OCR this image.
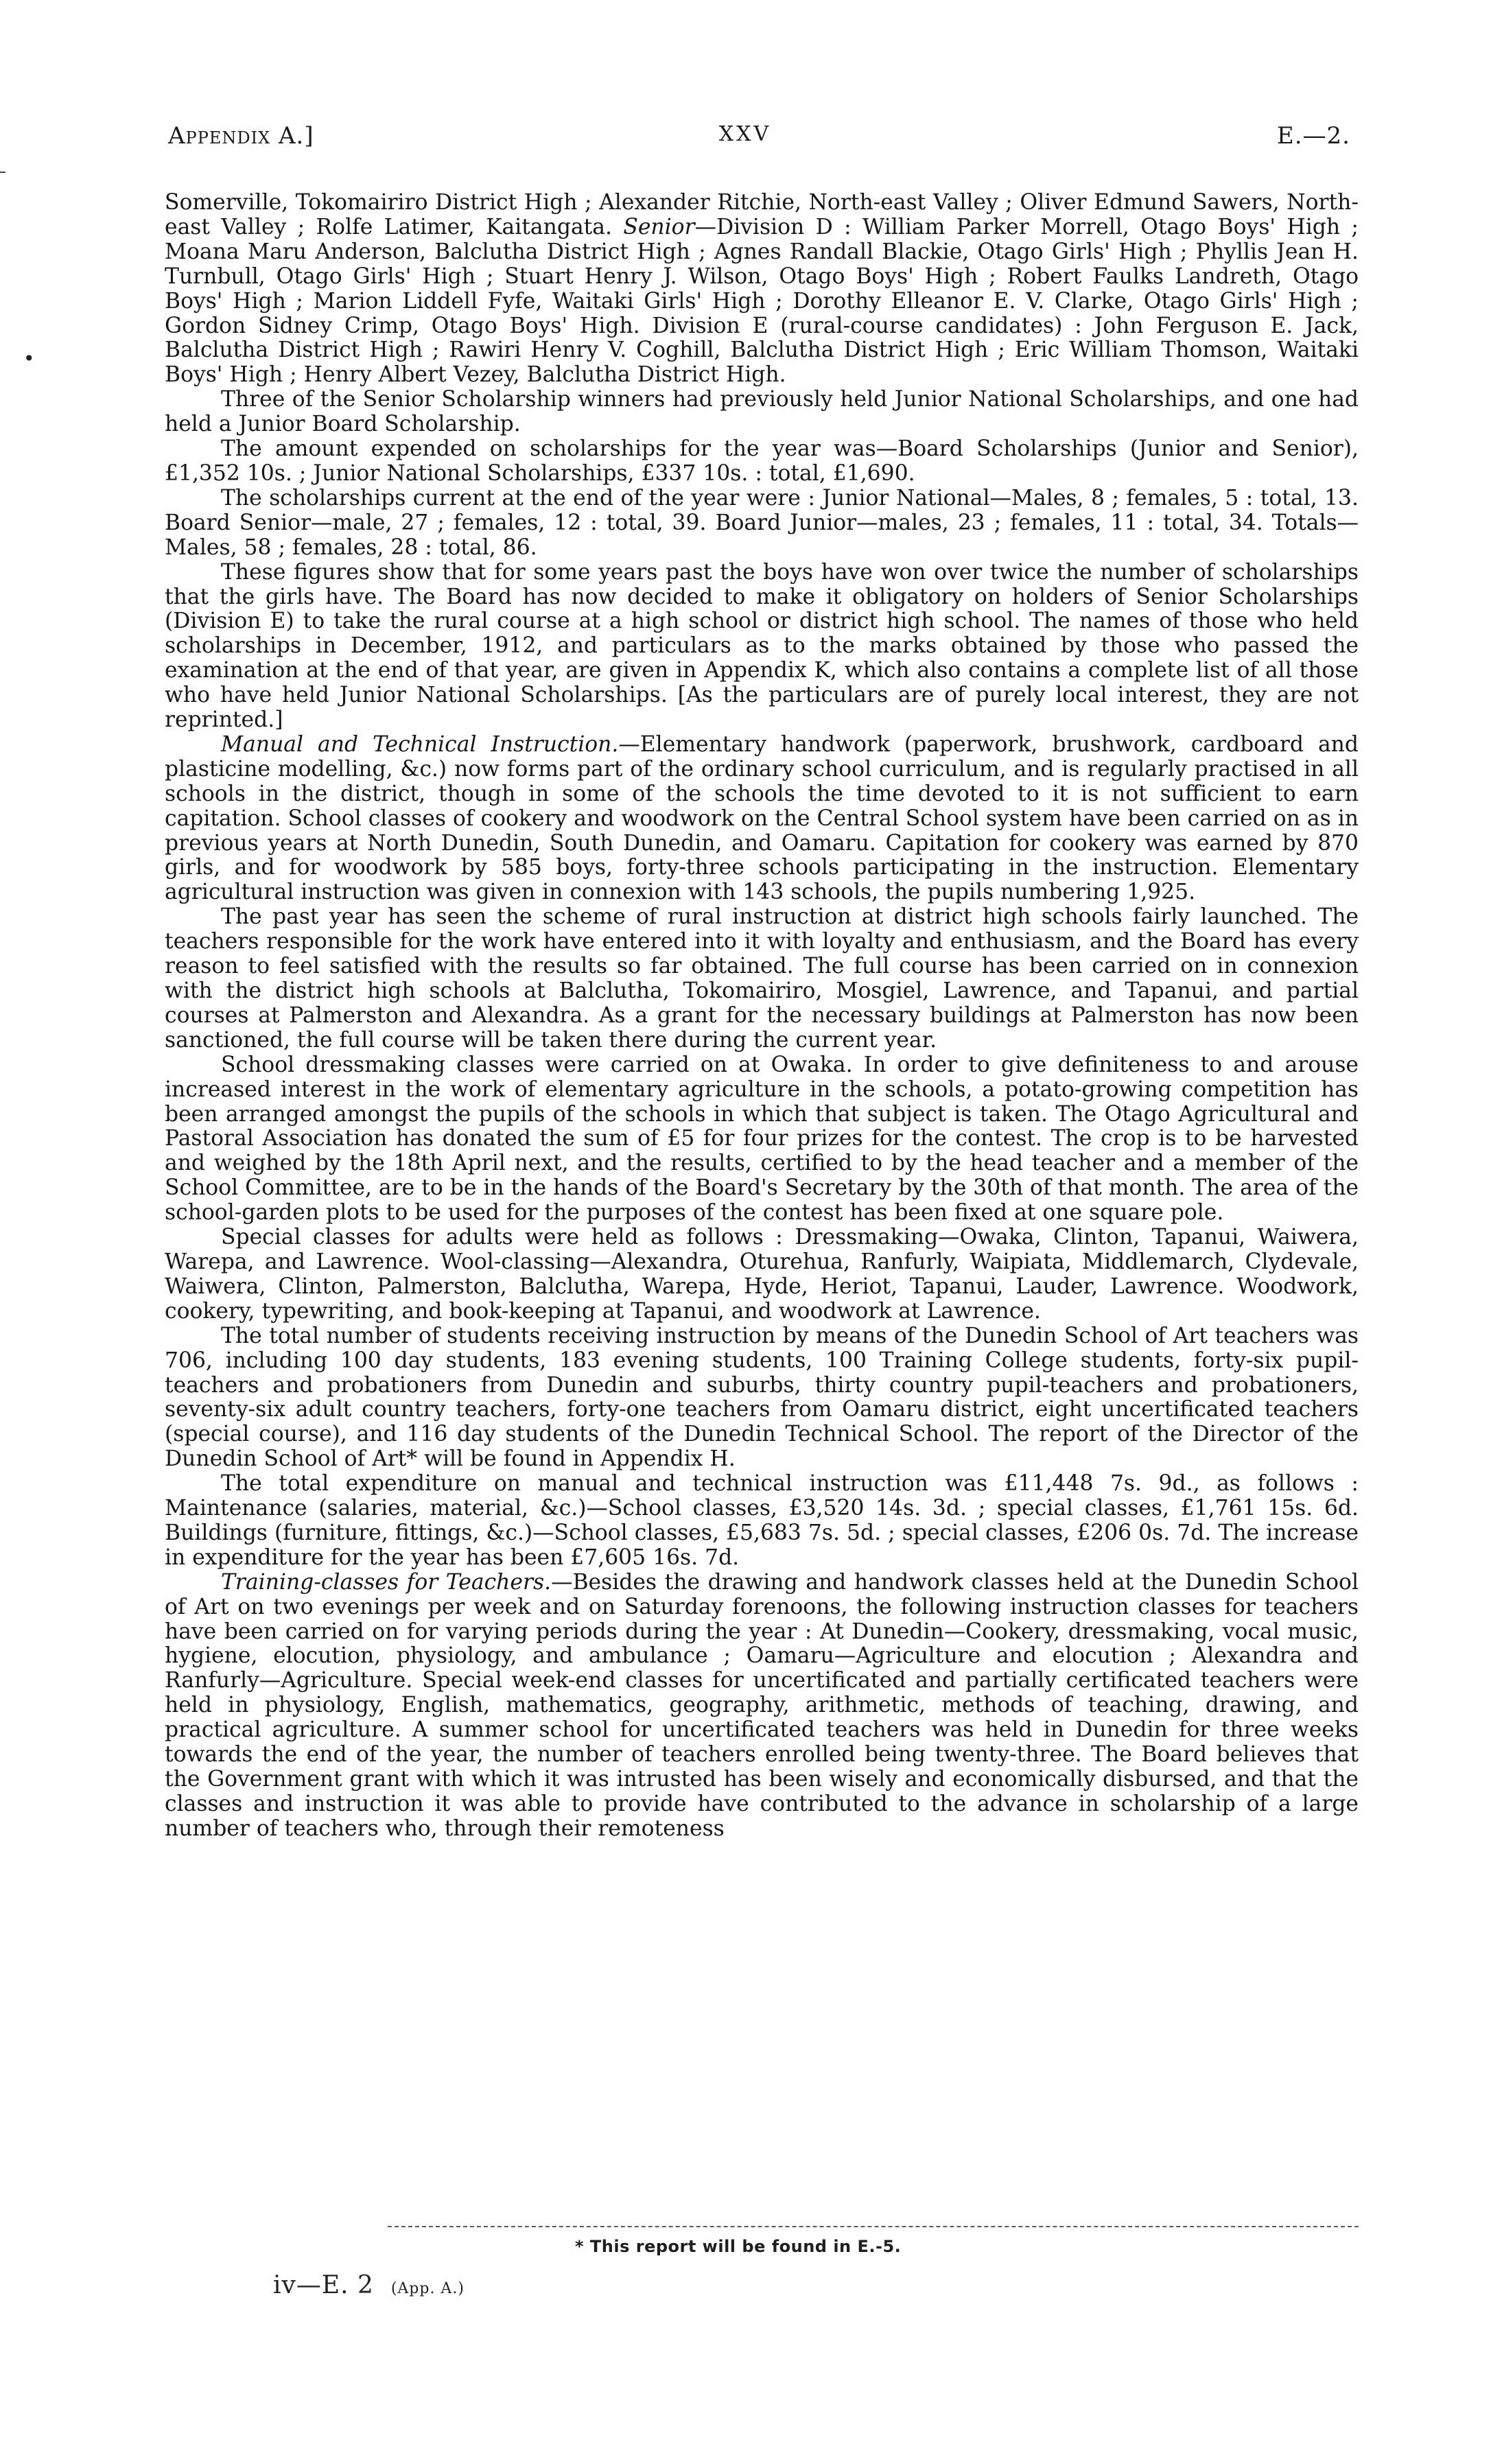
Appendix A.]	XXV	E.—2.
•

Somerville, Tokomairiro District High ; Alexander Ritchie, North-east Valley ; Oliver Edmund Sawers, North-east Valley ; Rolfe Latimer, Kaitangata. Senior—Division D : William Parker Morrell, Otago Boys' High ; Moana Maru Anderson, Balclutha District High ; Agnes Randall Blackie, Otago Girls' High ; Phyllis Jean H. Turnbull, Otago Girls' High ; Stuart Henry J. Wilson, Otago Boys' High ; Robert Faulks Landreth, Otago Boys' High ; Marion Liddell Fyfe, Waitaki Girls' High ; Dorothy Elleanor E. V. Clarke, Otago Girls' High ; Gordon Sidney Crimp, Otago Boys' High. Division E (rural-course candidates) : John Ferguson E. Jack, Balclutha District High ; Rawiri Henry V. Coghill, Balclutha District High ; Eric William Thomson, Waitaki Boys' High ; Henry Albert Vezey, Balclutha District High.

Three of the Senior Scholarship winners had previously held Junior National Scholarships, and one had held a Junior Board Scholarship.

The amount expended on scholarships for the year was—Board Scholarships (Junior and Senior), £1,352 10s. ; Junior National Scholarships, £337 10s. : total, £1,690.

The scholarships current at the end of the year were : Junior National—Males, 8 ; females, 5 : total, 13. Board Senior—male, 27 ; females, 12 : total, 39. Board Junior—males, 23 ; females, 11 : total, 34. Totals—Males, 58 ; females, 28 : total, 86.

These figures show that for some years past the boys have won over twice the number of scholarships that the girls have. The Board has now decided to make it obligatory on holders of Senior Scholarships (Division E) to take the rural course at a high school or district high school. The names of those who held scholarships in December, 1912, and particulars as to the marks obtained by those who passed the examination at the end of that year, are given in Appendix K, which also contains a complete list of all those who have held Junior National Scholarships. [As the particulars are of purely local interest, they are not reprinted.]

Manual and Technical Instruction.—Elementary handwork (paperwork, brushwork, cardboard and plasticine modelling, &c.) now forms part of the ordinary school curriculum, and is regularly practised in all schools in the district, though in some of the schools the time devoted to it is not sufficient to earn capitation. School classes of cookery and woodwork on the Central School system have been carried on as in previous years at North Dunedin, South Dunedin, and Oamaru. Capitation for cookery was earned by 870 girls, and for woodwork by 585 boys, forty-three schools participating in the instruction. Elementary agricultural instruction was given in connexion with 143 schools, the pupils numbering 1,925.

The past year has seen the scheme of rural instruction at district high schools fairly launched. The teachers responsible for the work have entered into it with loyalty and enthusiasm, and the Board has every reason to feel satisfied with the results so far obtained. The full course has been carried on in connexion with the district high schools at Balclutha, Tokomairiro, Mosgiel, Lawrence, and Tapanui, and partial courses at Palmerston and Alexandra. As a grant for the necessary buildings at Palmerston has now been sanctioned, the full course will be taken there during the current year.

School dressmaking classes were carried on at Owaka. In order to give definiteness to and arouse increased interest in the work of elementary agriculture in the schools, a potato-growing competition has been arranged amongst the pupils of the schools in which that subject is taken. The Otago Agricultural and Pastoral Association has donated the sum of £5 for four prizes for the contest. The crop is to be harvested and weighed by the 18th April next, and the results, certified to by the head teacher and a member of the School Committee, are to be in the hands of the Board's Secretary by the 30th of that month. The area of the school-garden plots to be used for the purposes of the contest has been fixed at one square pole.

Special classes for adults were held as follows : Dressmaking—Owaka, Clinton, Tapanui, Waiwera, Warepa, and Lawrence. Wool-classing—Alexandra, Oturehua, Ranfurly, Waipiata, Middlemarch, Clydevale, Waiwera, Clinton, Palmerston, Balclutha, Warepa, Hyde, Heriot, Tapanui, Lauder, Lawrence. Woodwork, cookery, typewriting, and book-keeping at Tapanui, and woodwork at Lawrence.

The total number of students receiving instruction by means of the Dunedin School of Art teachers was 706, including 100 day students, 183 evening students, 100 Training College students, forty-six pupil-teachers and probationers from Dunedin and suburbs, thirty country pupil-teachers and probationers, seventy-six adult country teachers, forty-one teachers from Oamaru district, eight uncertificated teachers (special course), and 116 day students of the Dunedin Technical School. The report of the Director of the Dunedin School of Art* will be found in Appendix H.

The total expenditure on manual and technical instruction was £11,448 7s. 9d., as follows : Maintenance (salaries, material, &c.)—School classes, £3,520 14s. 3d. ; special classes, £1,761 15s. 6d. Buildings (furniture, fittings, &c.)—School classes, £5,683 7s. 5d. ; special classes, £206 0s. 7d. The increase in expenditure for the year has been £7,605 16s. 7d.

Training-classes for Teachers.—Besides the drawing and handwork classes held at the Dunedin School of Art on two evenings per week and on Saturday forenoons, the following instruction classes for teachers have been carried on for varying periods during the year : At Dunedin—Cookery, dressmaking, vocal music, hygiene, elocution, physiology, and ambulance ; Oamaru—Agriculture and elocution ; Alexandra and Ranfurly—Agriculture. Special week-end classes for uncertificated and partially certificated teachers were held in physiology, English, mathematics, geography, arithmetic, methods of teaching, drawing, and practical agriculture. A summer school for uncertificated teachers was held in Dunedin for three weeks towards the end of the year, the number of teachers enrolled being twenty-three. The Board believes that the Government grant with which it was intrusted has been wisely and economically disbursed, and that the classes and instruction it was able to provide have contributed to the advance in scholarship of a large number of teachers who, through their remoteness

* This report will be found in E.-5.
iv—E. 2 (App. A.)
